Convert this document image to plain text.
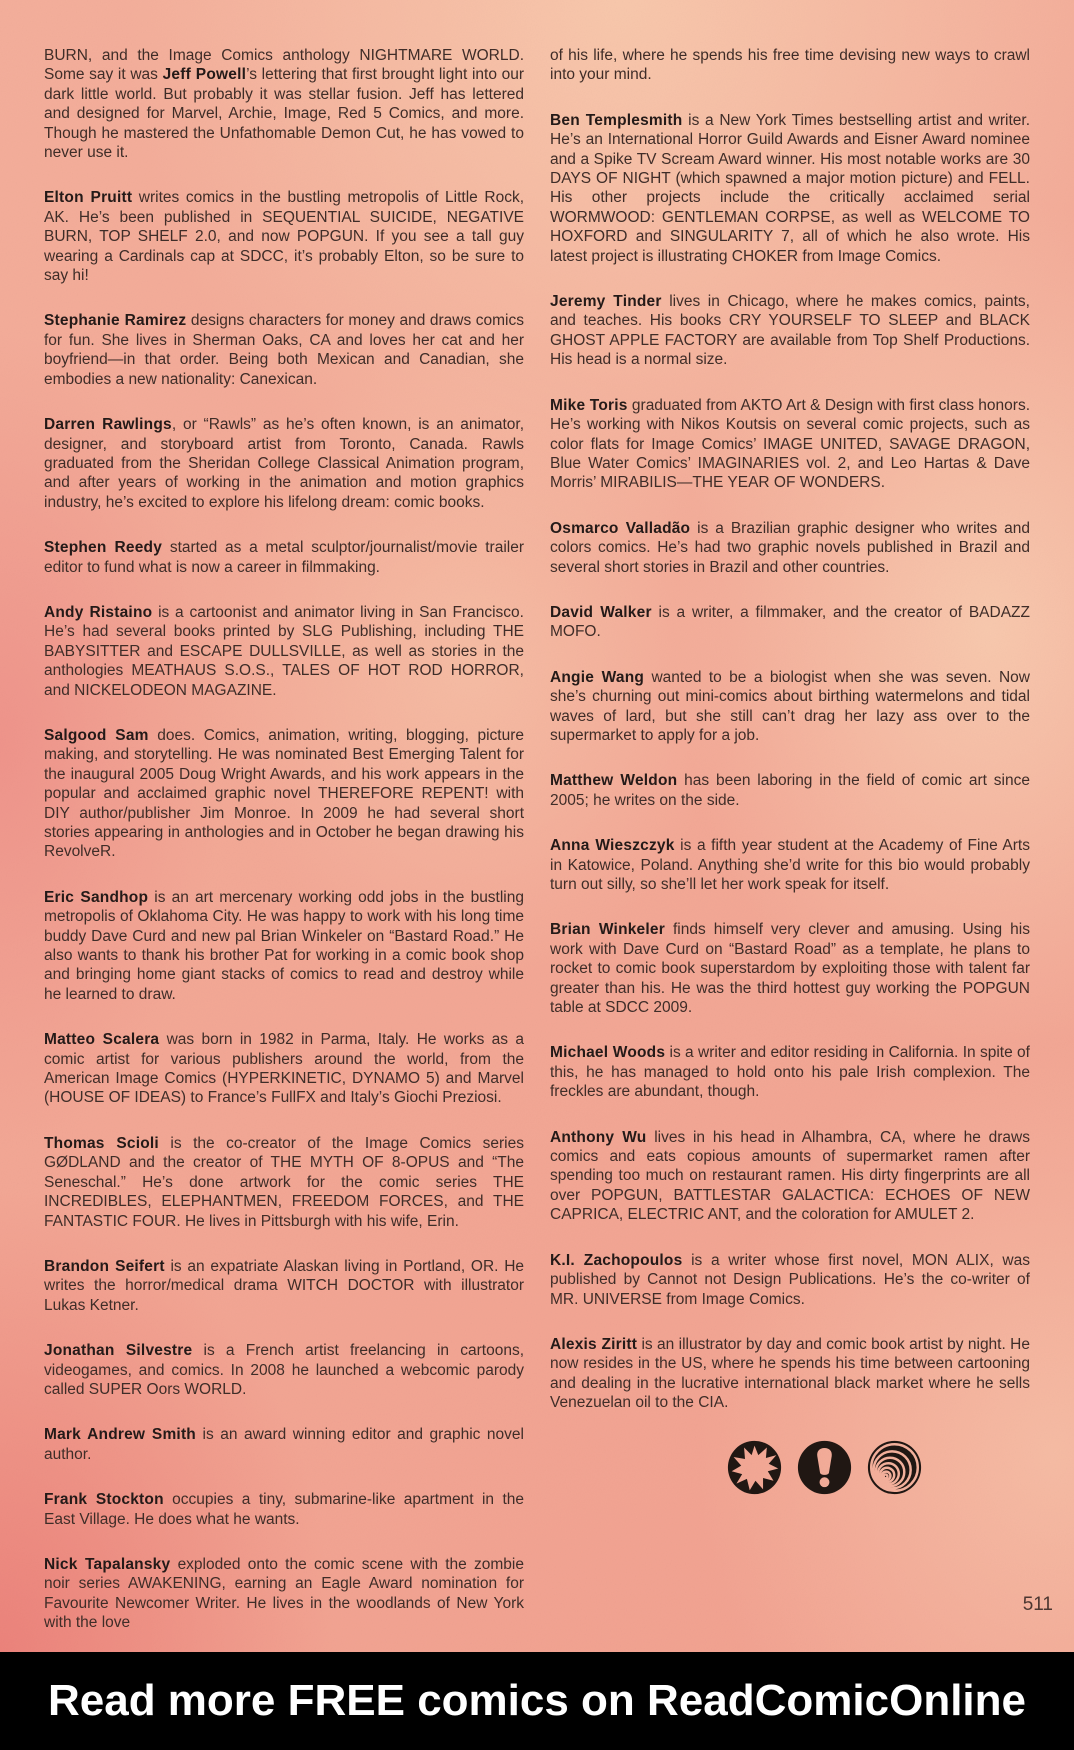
BURN, and the Image Comics anthology NIGHTMARE WORLD. Some say it was Jeff Powell’s lettering that first brought light into our dark little world. But probably it was stellar fusion. Jeff has lettered and designed for Marvel, Archie, Image, Red 5 Comics, and more. Though he mastered the Unfathomable Demon Cut, he has vowed to never use it.

Elton Pruitt writes comics in the bustling metropolis of Little Rock, AK. He’s been published in SEQUENTIAL SUICIDE, NEGATIVE BURN, TOP SHELF 2.0, and now POPGUN. If you see a tall guy wearing a Cardinals cap at SDCC, it’s probably Elton, so be sure to say hi!

Stephanie Ramirez designs characters for money and draws comics for fun. She lives in Sherman Oaks, CA and loves her cat and her boyfriend—in that order. Being both Mexican and Canadian, she embodies a new nationality: Canexican.

Darren Rawlings, or “Rawls” as he’s often known, is an animator, designer, and storyboard artist from Toronto, Canada. Rawls graduated from the Sheridan College Classical Animation program, and after years of working in the animation and motion graphics industry, he’s excited to explore his lifelong dream: comic books.

Stephen Reedy started as a metal sculptor/journalist/movie trailer editor to fund what is now a career in filmmaking.

Andy Ristaino is a cartoonist and animator living in San Francisco. He’s had several books printed by SLG Publishing, including THE BABYSITTER and ESCAPE DULLSVILLE, as well as stories in the anthologies MEATHAUS S.O.S., TALES OF HOT ROD HORROR, and NICKELODEON MAGAZINE.

Salgood Sam does. Comics, animation, writing, blogging, picture making, and storytelling. He was nominated Best Emerging Talent for the inaugural 2005 Doug Wright Awards, and his work appears in the popular and acclaimed graphic novel THEREFORE REPENT! with DIY author/publisher Jim Monroe. In 2009 he had several short stories appearing in anthologies and in October he began drawing his RevolveR.

Eric Sandhop is an art mercenary working odd jobs in the bustling metropolis of Oklahoma City. He was happy to work with his long time buddy Dave Curd and new pal Brian Winkeler on “Bastard Road.” He also wants to thank his brother Pat for working in a comic book shop and bringing home giant stacks of comics to read and destroy while he learned to draw.

Matteo Scalera was born in 1982 in Parma, Italy. He works as a comic artist for various publishers around the world, from the American Image Comics (HYPERKINETIC, DYNAMO 5) and Marvel (HOUSE OF IDEAS) to France’s FullFX and Italy’s Giochi Preziosi.

Thomas Scioli is the co-creator of the Image Comics series GØDLAND and the creator of THE MYTH OF 8-OPUS and “The Seneschal.” He’s done artwork for the comic series THE INCREDIBLES, ELEPHANTMEN, FREEDOM FORCES, and THE FANTASTIC FOUR. He lives in Pittsburgh with his wife, Erin.

Brandon Seifert is an expatriate Alaskan living in Portland, OR. He writes the horror/medical drama WITCH DOCTOR with illustrator Lukas Ketner.

Jonathan Silvestre is a French artist freelancing in cartoons, videogames, and comics. In 2008 he launched a webcomic parody called SUPER Oors WORLD.

Mark Andrew Smith is an award winning editor and graphic novel author.

Frank Stockton occupies a tiny, submarine-like apartment in the East Village. He does what he wants.

Nick Tapalansky exploded onto the comic scene with the zombie noir series AWAKENING, earning an Eagle Award nomination for Favourite Newcomer Writer. He lives in the woodlands of New York with the love

of his life, where he spends his free time devising new ways to crawl into your mind.

Ben Templesmith is a New York Times bestselling artist and writer. He’s an International Horror Guild Awards and Eisner Award nominee and a Spike TV Scream Award winner. His most notable works are 30 DAYS OF NIGHT (which spawned a major motion picture) and FELL. His other projects include the critically acclaimed serial WORMWOOD: GENTLEMAN CORPSE, as well as WELCOME TO HOXFORD and SINGULARITY 7, all of which he also wrote. His latest project is illustrating CHOKER from Image Comics.

Jeremy Tinder lives in Chicago, where he makes comics, paints, and teaches. His books CRY YOURSELF TO SLEEP and BLACK GHOST APPLE FACTORY are available from Top Shelf Productions. His head is a normal size.

Mike Toris graduated from AKTO Art & Design with first class honors. He’s working with Nikos Koutsis on several comic projects, such as color flats for Image Comics’ IMAGE UNITED, SAVAGE DRAGON, Blue Water Comics’ IMAGINARIES vol. 2, and Leo Hartas & Dave Morris’ MIRABILIS—THE YEAR OF WONDERS.

Osmarco Valladão is a Brazilian graphic designer who writes and colors comics. He’s had two graphic novels published in Brazil and several short stories in Brazil and other countries.

David Walker is a writer, a filmmaker, and the creator of BADAZZ MOFO.

Angie Wang wanted to be a biologist when she was seven. Now she’s churning out mini-comics about birthing watermelons and tidal waves of lard, but she still can’t drag her lazy ass over to the supermarket to apply for a job.

Matthew Weldon has been laboring in the field of comic art since 2005; he writes on the side.

Anna Wieszczyk is a fifth year student at the Academy of Fine Arts in Katowice, Poland. Anything she’d write for this bio would probably turn out silly, so she’ll let her work speak for itself.

Brian Winkeler finds himself very clever and amusing. Using his work with Dave Curd on “Bastard Road” as a template, he plans to rocket to comic book superstardom by exploiting those with talent far greater than his. He was the third hottest guy working the POPGUN table at SDCC 2009.

Michael Woods is a writer and editor residing in California. In spite of this, he has managed to hold onto his pale Irish complexion. The freckles are abundant, though.

Anthony Wu lives in his head in Alhambra, CA, where he draws comics and eats copious amounts of supermarket ramen after spending too much on restaurant ramen. His dirty fingerprints are all over POPGUN, BATTLESTAR GALACTICA: ECHOES OF NEW CAPRICA, ELECTRIC ANT, and the coloration for AMULET 2.

K.I. Zachopoulos is a writer whose first novel, MON ALIX, was published by Cannot not Design Publications. He’s the co-writer of MR. UNIVERSE from Image Comics.

Alexis Ziritt is an illustrator by day and comic book artist by night. He now resides in the US, where he spends his time between cartooning and dealing in the lucrative international black market where he sells Venezuelan oil to the CIA.

511
Read more FREE comics on ReadComicOnline
